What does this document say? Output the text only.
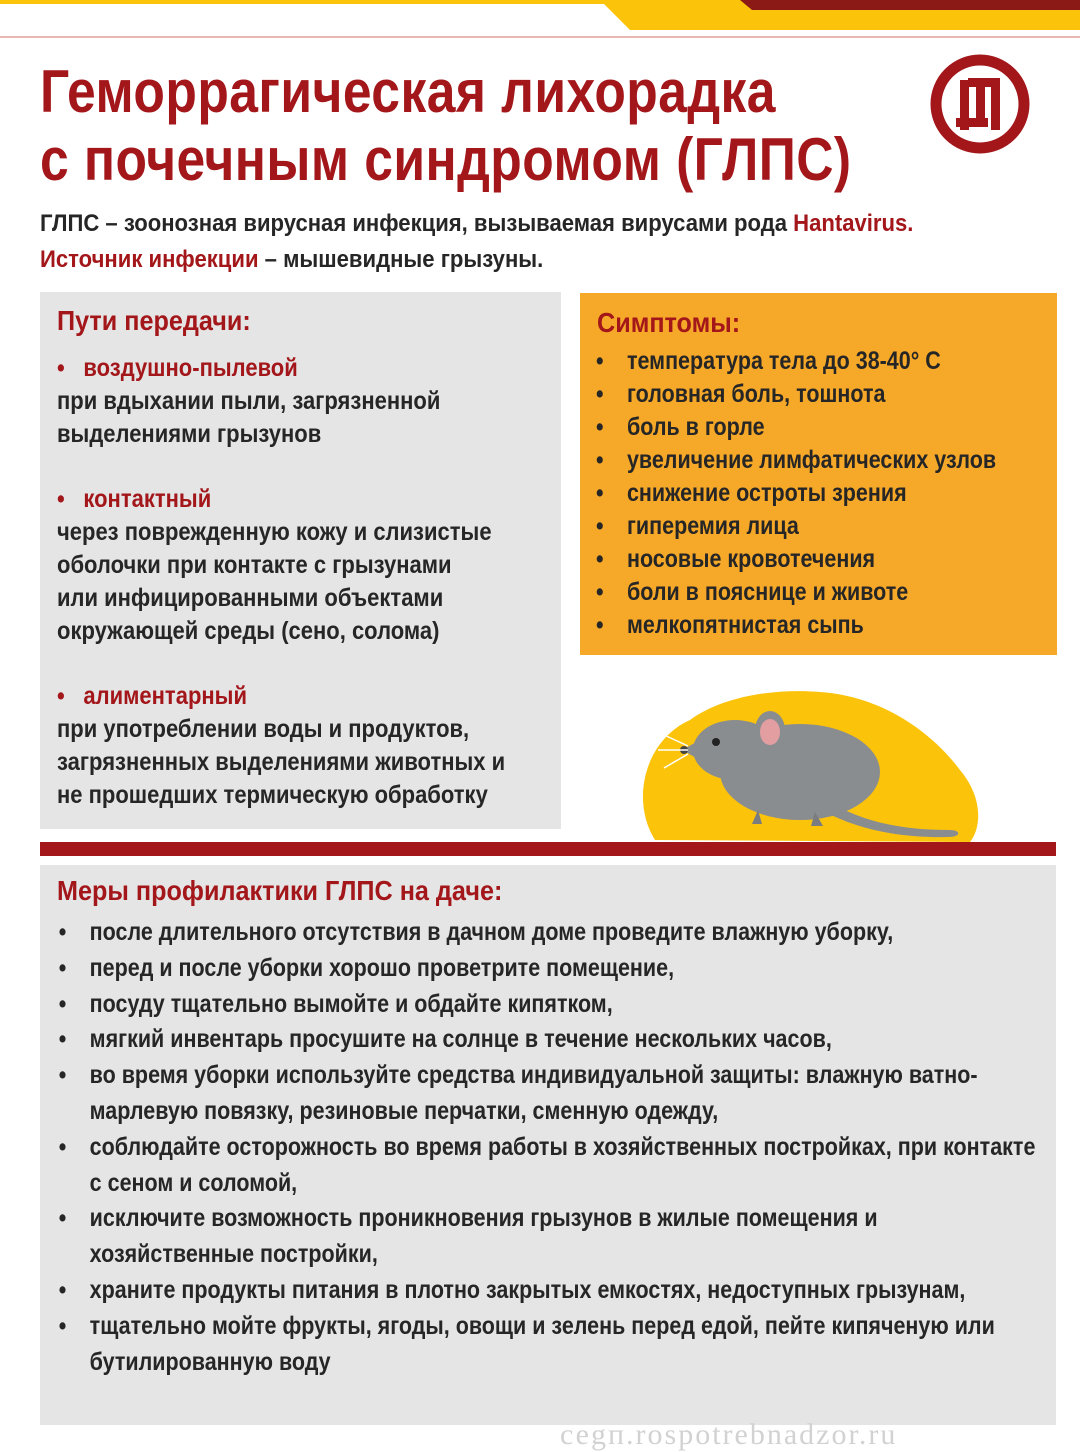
Геморрагическая лихорадка
с почечным синдромом (ГЛПС)
ГЛПС – зоонозная вирусная инфекция, вызываемая вирусами рода Hantavirus.
Источник инфекции – мышевидные грызуны.
Пути передачи:
• воздушно-пылевой
при вдыхании пыли, загрязненной
выделениями грызунов
• контактный
через поврежденную кожу и слизистые
оболочки при контакте с грызунами
или инфицированными объектами
окружающей среды (сено, солома)
• алиментарный
при употреблении воды и продуктов,
загрязненных выделениями животных и
не прошедших термическую обработку
Симптомы:
• температура тела до 38-40° С
• головная боль, тошнота
• боль в горле
• увеличение лимфатических узлов
• снижение остроты зрения
• гиперемия лица
• носовые кровотечения
• боли в пояснице и животе
• мелкопятнистая сыпь
Меры профилактики ГЛПС на даче:
• после длительного отсутствия в дачном доме проведите влажную уборку,
• перед и после уборки хорошо проветрите помещение,
• посуду тщательно вымойте и обдайте кипятком,
• мягкий инвентарь просушите на солнце в течение нескольких часов,
• во время уборки используйте средства индивидуальной защиты: влажную ватно-марлевую повязку, резиновые перчатки, сменную одежду,
• соблюдайте осторожность во время работы в хозяйственных постройках, при контакте с сеном и соломой,
• исключите возможность проникновения грызунов в жилые помещения и хозяйственные постройки,
• храните продукты питания в плотно закрытых емкостях, недоступных грызунам,
• тщательно мойте фрукты, ягоды, овощи и зелень перед едой, пейте кипяченую или бутилированную воду
сеgп.rospotrebnadzor.ru
